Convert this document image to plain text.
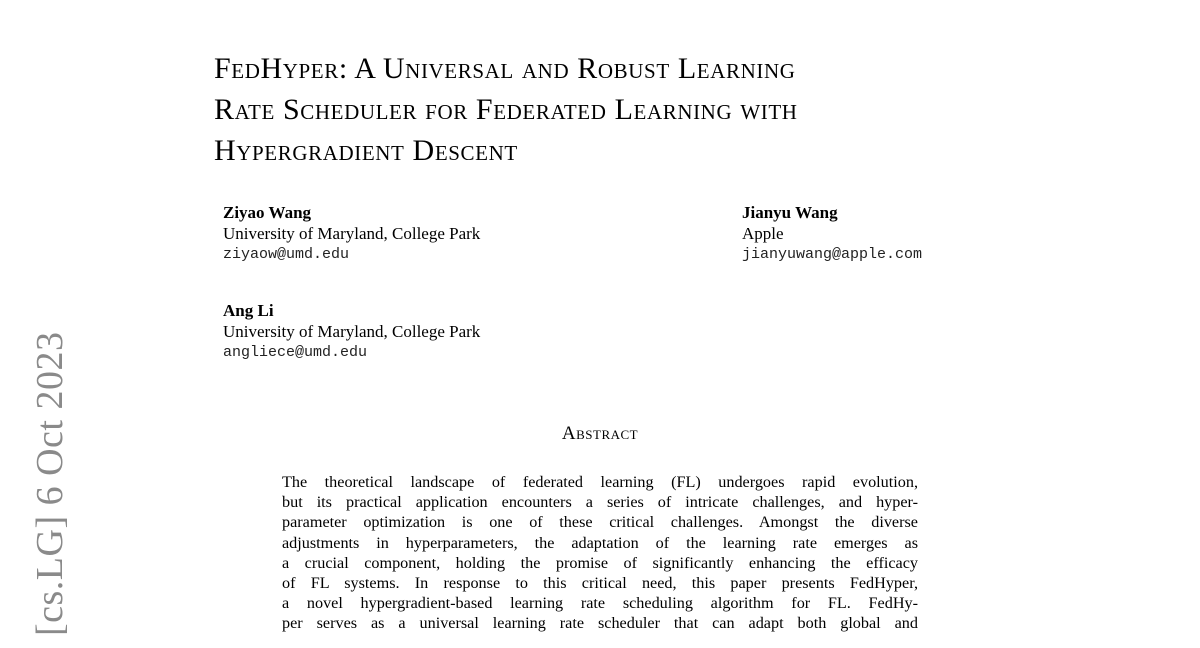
[cs.LG] 6 Oct 2023
FedHyper: A Universal and Robust Learning
Rate Scheduler for Federated Learning with
Hypergradient Descent
Ziyao Wang
University of Maryland, College Park
ziyaow@umd.edu
Jianyu Wang
Apple
jianyuwang@apple.com
Ang Li
University of Maryland, College Park
angliece@umd.edu
Abstract
The theoretical landscape of federated learning (FL) undergoes rapid evolution,
but its practical application encounters a series of intricate challenges, and hyper-
parameter optimization is one of these critical challenges. Amongst the diverse
adjustments in hyperparameters, the adaptation of the learning rate emerges as
a crucial component, holding the promise of significantly enhancing the efficacy
of FL systems. In response to this critical need, this paper presents FedHyper,
a novel hypergradient-based learning rate scheduling algorithm for FL. FedHy-
per serves as a universal learning rate scheduler that can adapt both global and
